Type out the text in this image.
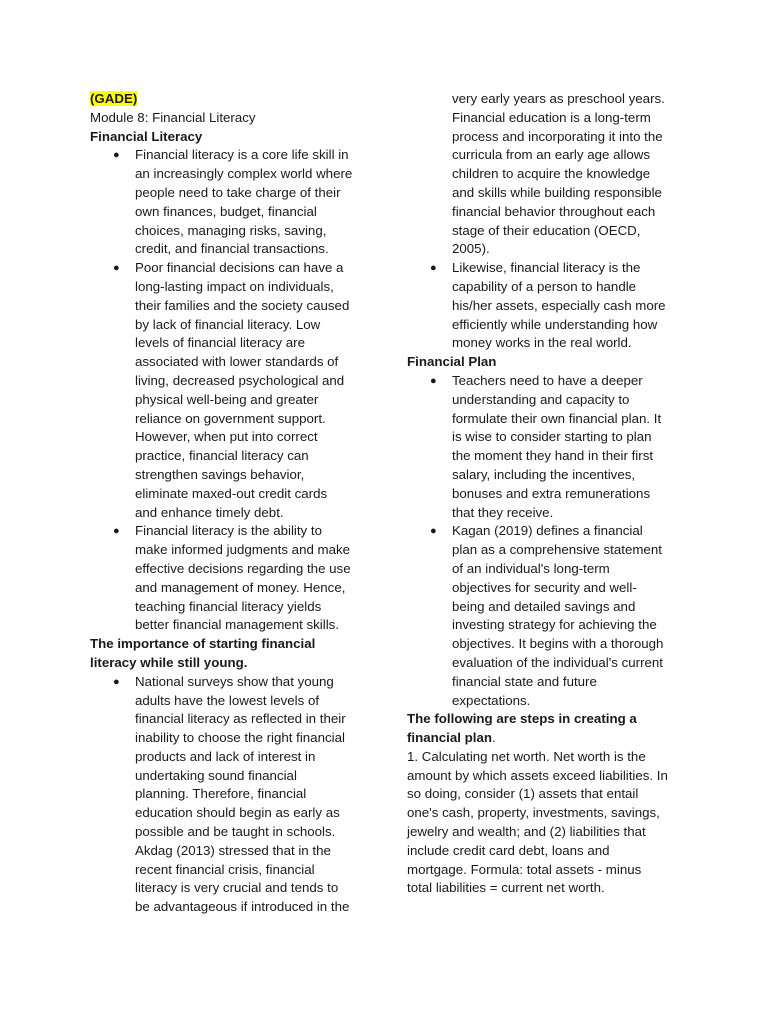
(GADE)
Module 8: Financial Literacy
Financial Literacy
● Financial literacy is a core life skill in
an increasingly complex world where
people need to take charge of their
own finances, budget, financial
choices, managing risks, saving,
credit, and financial transactions.
● Poor financial decisions can have a
long-lasting impact on individuals,
their families and the society caused
by lack of financial literacy. Low
levels of financial literacy are
associated with lower standards of
living, decreased psychological and
physical well-being and greater
reliance on government support.
However, when put into correct
practice, financial literacy can
strengthen savings behavior,
eliminate maxed-out credit cards
and enhance timely debt.
● Financial literacy is the ability to
make informed judgments and make
effective decisions regarding the use
and management of money. Hence,
teaching financial literacy yields
better financial management skills.
The importance of starting financial
literacy while still young.
● National surveys show that young
adults have the lowest levels of
financial literacy as reflected in their
inability to choose the right financial
products and lack of interest in
undertaking sound financial
planning. Therefore, financial
education should begin as early as
possible and be taught in schools.
Akdag (2013) stressed that in the
recent financial crisis, financial
literacy is very crucial and tends to
be advantageous if introduced in the
very early years as preschool years.
Financial education is a long-term
process and incorporating it into the
curricula from an early age allows
children to acquire the knowledge
and skills while building responsible
financial behavior throughout each
stage of their education (OECD,
2005).
● Likewise, financial literacy is the
capability of a person to handle
his/her assets, especially cash more
efficiently while understanding how
money works in the real world.
Financial Plan
● Teachers need to have a deeper
understanding and capacity to
formulate their own financial plan. It
is wise to consider starting to plan
the moment they hand in their first
salary, including the incentives,
bonuses and extra remunerations
that they receive.
● Kagan (2019) defines a financial
plan as a comprehensive statement
of an individual's long-term
objectives for security and well-
being and detailed savings and
investing strategy for achieving the
objectives. It begins with a thorough
evaluation of the individual's current
financial state and future
expectations.
The following are steps in creating a
financial plan.
1. Calculating net worth. Net worth is the
amount by which assets exceed liabilities. In
so doing, consider (1) assets that entail
one's cash, property, investments, savings,
jewelry and wealth; and (2) liabilities that
include credit card debt, loans and
mortgage. Formula: total assets - minus
total liabilities = current net worth.
